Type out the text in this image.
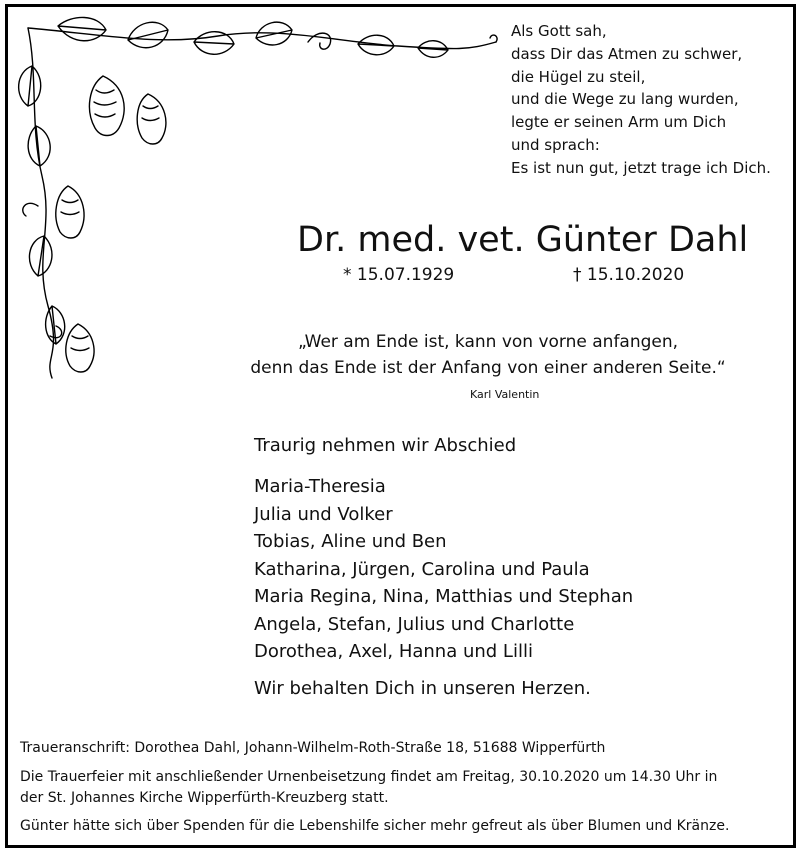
Als Gott sah,
dass Dir das Atmen zu schwer,
die Hügel zu steil,
und die Wege zu lang wurden,
legte er seinen Arm um Dich
und sprach:
Es ist nun gut, jetzt trage ich Dich.
Dr. med. vet. Günter Dahl
* 15.07.1929	† 15.10.2020
„Wer am Ende ist, kann von vorne anfangen,
denn das Ende ist der Anfang von einer anderen Seite.“
Karl Valentin
Traurig nehmen wir Abschied
Maria-Theresia
Julia und Volker
Tobias, Aline und Ben
Katharina, Jürgen, Carolina und Paula
Maria Regina, Nina, Matthias und Stephan
Angela, Stefan, Julius und Charlotte
Dorothea, Axel, Hanna und Lilli
Wir behalten Dich in unseren Herzen.
Traueranschrift: Dorothea Dahl, Johann-Wilhelm-Roth-Straße 18, 51688 Wipperfürth
Die Trauerfeier mit anschließender Urnenbeisetzung findet am Freitag, 30.10.2020 um 14.30 Uhr in
der St. Johannes Kirche Wipperfürth-Kreuzberg statt.
Günter hätte sich über Spenden für die Lebenshilfe sicher mehr gefreut als über Blumen und Kränze.
